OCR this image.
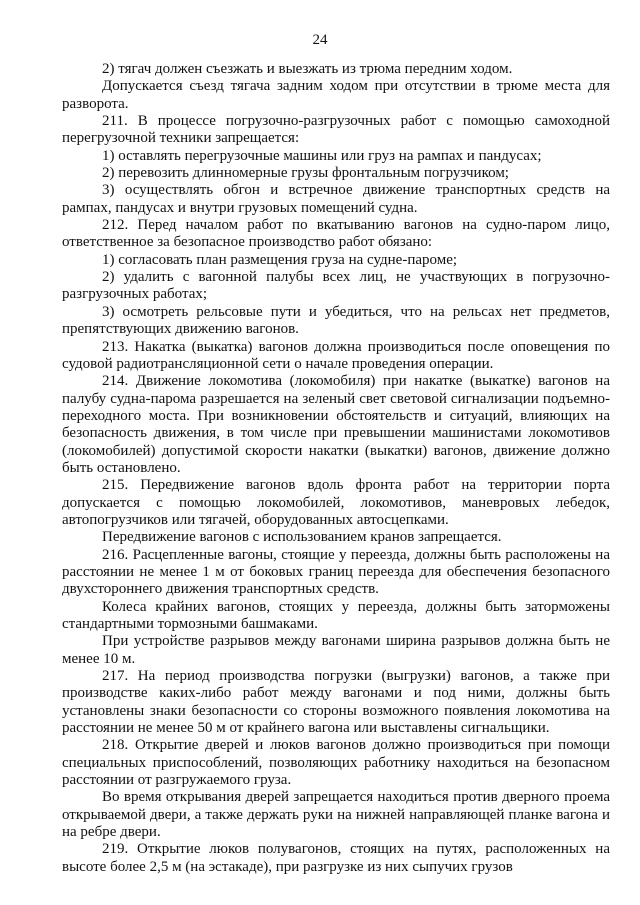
24

2) тягач должен съезжать и выезжать из трюма передним ходом.

Допускается съезд тягача задним ходом при отсутствии в трюме места для разворота.

211. В процессе погрузочно-разгрузочных работ с помощью самоходной перегрузочной техники запрещается:

1) оставлять перегрузочные машины или груз на рампах и пандусах;

2) перевозить длинномерные грузы фронтальным погрузчиком;

3) осуществлять обгон и встречное движение транспортных средств на рампах, пандусах и внутри грузовых помещений судна.

212. Перед началом работ по вкатыванию вагонов на судно-паром лицо, ответственное за безопасное производство работ обязано:

1) согласовать план размещения груза на судне-пароме;

2) удалить с вагонной палубы всех лиц, не участвующих в погрузочно-разгрузочных работах;

3) осмотреть рельсовые пути и убедиться, что на рельсах нет предметов, препятствующих движению вагонов.

213. Накатка (выкатка) вагонов должна производиться после оповещения по судовой радиотрансляционной сети о начале проведения операции.

214. Движение локомотива (локомобиля) при накатке (выкатке) вагонов на палубу судна-парома разрешается на зеленый свет световой сигнализации подъемно-переходного моста. При возникновении обстоятельств и ситуаций, влияющих на безопасность движения, в том числе при превышении машинистами локомотивов (локомобилей) допустимой скорости накатки (выкатки) вагонов, движение должно быть остановлено.

215. Передвижение вагонов вдоль фронта работ на территории порта допускается с помощью локомобилей, локомотивов, маневровых лебедок, автопогрузчиков или тягачей, оборудованных автосцепками.

Передвижение вагонов с использованием кранов запрещается.

216. Расцепленные вагоны, стоящие у переезда, должны быть расположены на расстоянии не менее 1 м от боковых границ переезда для обеспечения безопасного двухстороннего движения транспортных средств.

Колеса крайних вагонов, стоящих у переезда, должны быть заторможены стандартными тормозными башмаками.

При устройстве разрывов между вагонами ширина разрывов должна быть не менее 10 м.

217. На период производства погрузки (выгрузки) вагонов, а также при производстве каких-либо работ между вагонами и под ними, должны быть установлены знаки безопасности со стороны возможного появления локомотива на расстоянии не менее 50 м от крайнего вагона или выставлены сигнальщики.

218. Открытие дверей и люков вагонов должно производиться при помощи специальных приспособлений, позволяющих работнику находиться на безопасном расстоянии от разгружаемого груза.

Во время открывания дверей запрещается находиться против дверного проема открываемой двери, а также держать руки на нижней направляющей планке вагона и на ребре двери.

219. Открытие люков полувагонов, стоящих на путях, расположенных на высоте более 2,5 м (на эстакаде), при разгрузке из них сыпучих грузов
